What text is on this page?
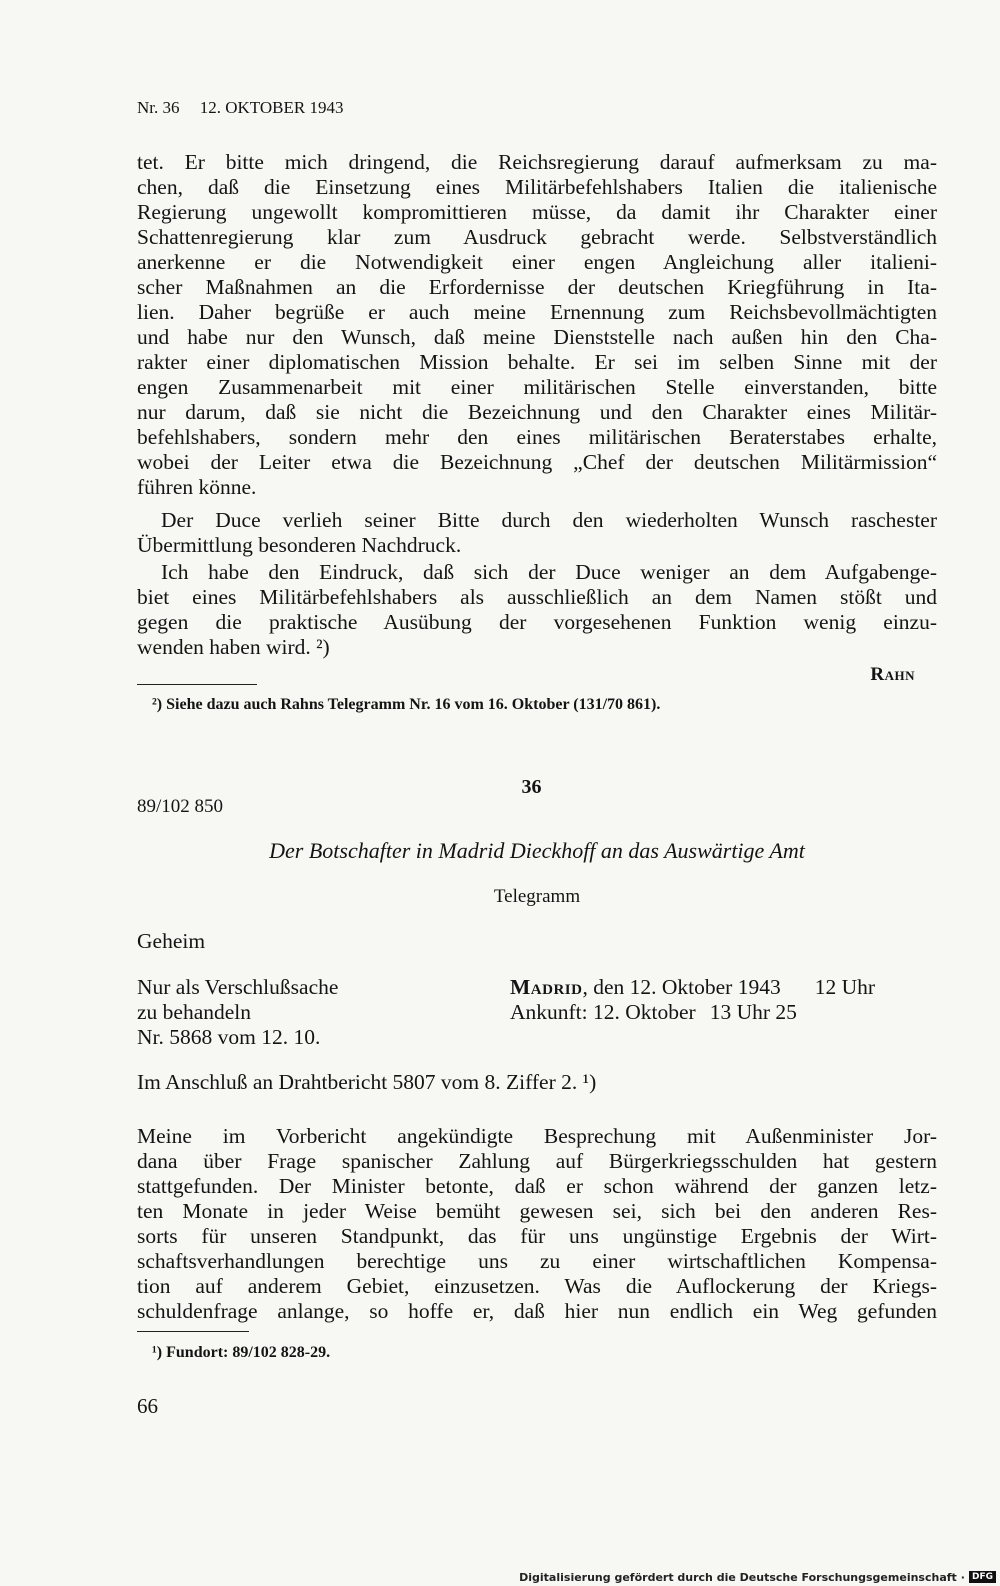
Nr. 36 12. OKTOBER 1943
tet. Er bitte mich dringend, die Reichsregierung darauf aufmerksam zu ma-
chen, daß die Einsetzung eines Militärbefehlshabers Italien die italienische
Regierung ungewollt kompromittieren müsse, da damit ihr Charakter einer
Schattenregierung klar zum Ausdruck gebracht werde. Selbstverständlich
anerkenne er die Notwendigkeit einer engen Angleichung aller italieni-
scher Maßnahmen an die Erfordernisse der deutschen Kriegführung in Ita-
lien. Daher begrüße er auch meine Ernennung zum Reichsbevollmächtigten
und habe nur den Wunsch, daß meine Dienststelle nach außen hin den Cha-
rakter einer diplomatischen Mission behalte. Er sei im selben Sinne mit der
engen Zusammenarbeit mit einer militärischen Stelle einverstanden, bitte
nur darum, daß sie nicht die Bezeichnung und den Charakter eines Militär-
befehlshabers, sondern mehr den eines militärischen Beraterstabes erhalte,
wobei der Leiter etwa die Bezeichnung „Chef der deutschen Militärmission“
führen könne.
Der Duce verlieh seiner Bitte durch den wiederholten Wunsch raschester
Übermittlung besonderen Nachdruck.
Ich habe den Eindruck, daß sich der Duce weniger an dem Aufgabenge-
biet eines Militärbefehlshabers als ausschließlich an dem Namen stößt und
gegen die praktische Ausübung der vorgesehenen Funktion wenig einzu-
wenden haben wird. ²)
Rahn
²) Siehe dazu auch Rahns Telegramm Nr. 16 vom 16. Oktober (131/70 861).
36
89/102 850
Der Botschafter in Madrid Dieckhoff an das Auswärtige Amt
Telegramm
Geheim
Nur als Verschlußsache
zu behandeln
Nr. 5868 vom 12. 10.
Madrid, den 12. Oktober 1943 12 Uhr
Ankunft: 12. Oktober 13 Uhr 25
Im Anschluß an Drahtbericht 5807 vom 8. Ziffer 2. ¹)
Meine im Vorbericht angekündigte Besprechung mit Außenminister Jor-
dana über Frage spanischer Zahlung auf Bürgerkriegsschulden hat gestern
stattgefunden. Der Minister betonte, daß er schon während der ganzen letz-
ten Monate in jeder Weise bemüht gewesen sei, sich bei den anderen Res-
sorts für unseren Standpunkt, das für uns ungünstige Ergebnis der Wirt-
schaftsverhandlungen berechtige uns zu einer wirtschaftlichen Kompensa-
tion auf anderem Gebiet, einzusetzen. Was die Auflockerung der Kriegs-
schuldenfrage anlange, so hoffe er, daß hier nun endlich ein Weg gefunden
¹) Fundort: 89/102 828-29.
66
Digitalisierung gefördert durch die Deutsche Forschungsgemeinschaft · DFG
